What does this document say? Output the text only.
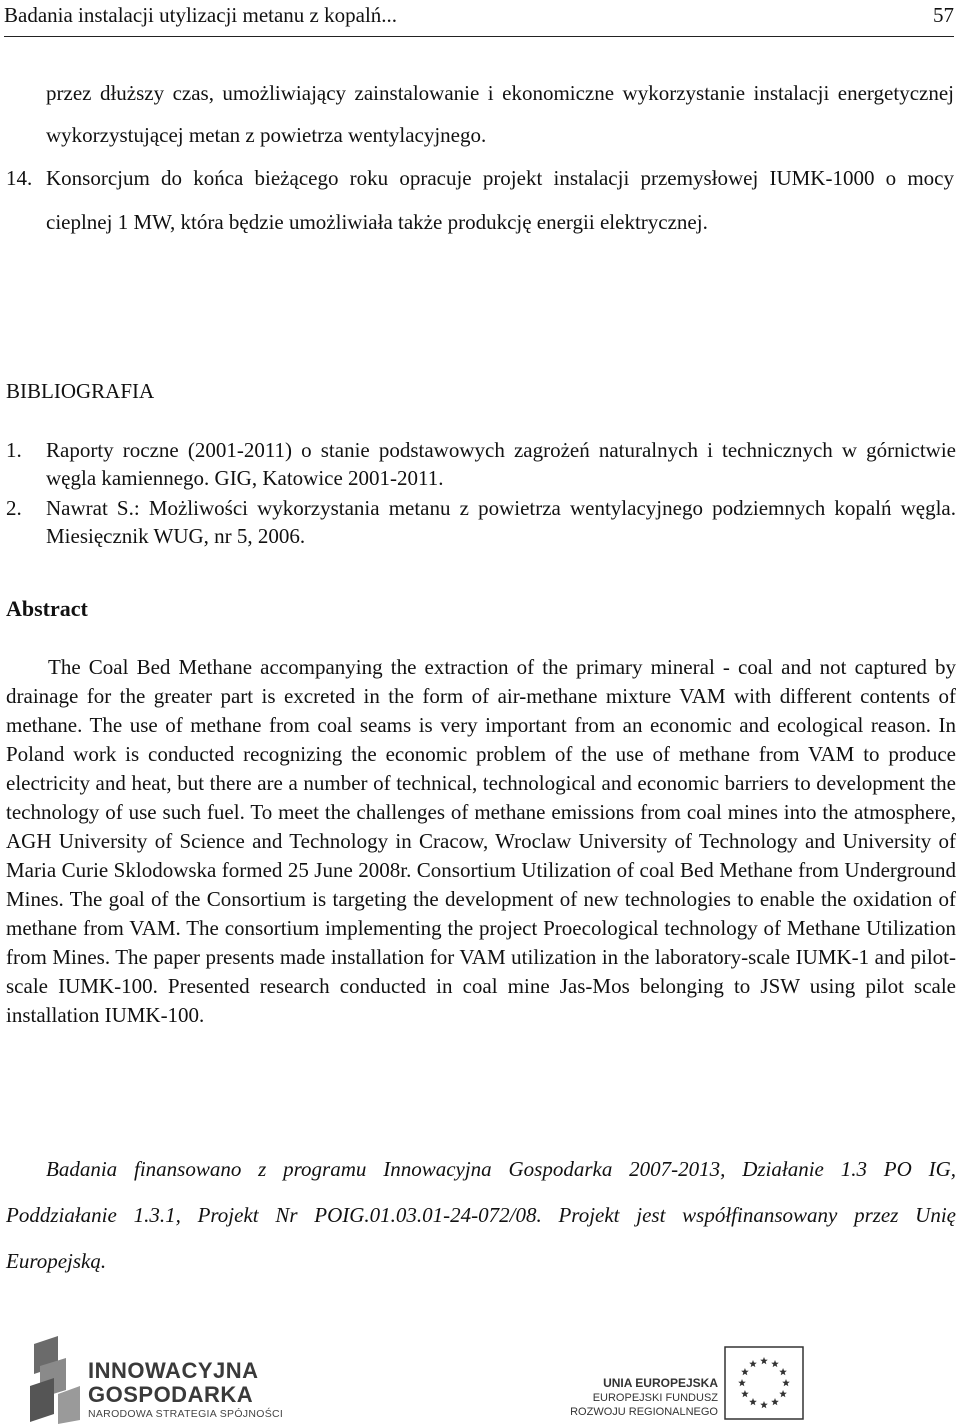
Badania instalacji utylizacji metanu z kopalń...	57
przez dłuższy czas, umożliwiający zainstalowanie i ekonomiczne wykorzystanie instalacji energetycznej wykorzystującej metan z powietrza wentylacyjnego.
14. Konsorcjum do końca bieżącego roku opracuje projekt instalacji przemysłowej IUMK-1000 o mocy cieplnej 1 MW, która będzie umożliwiała także produkcję energii elektrycznej.
BIBLIOGRAFIA
1.	Raporty roczne (2001-2011) o stanie podstawowych zagrożeń naturalnych i technicznych w górnictwie węgla kamiennego. GIG, Katowice 2001-2011.
2.	Nawrat S.: Możliwości wykorzystania metanu z powietrza wentylacyjnego podziemnych kopalń węgla. Miesięcznik WUG, nr 5, 2006.
Abstract
The Coal Bed Methane accompanying the extraction of the primary mineral - coal and not captured by drainage for the greater part is excreted in the form of air-methane mixture VAM with different contents of methane. The use of methane from coal seams is very important from an economic and ecological reason. In Poland work is conducted recognizing the economic problem of the use of methane from VAM to produce electricity and heat, but there are a number of technical, technological and economic barriers to development the technology of use such fuel. To meet the challenges of methane emissions from coal mines into the atmosphere, AGH University of Science and Technology in Cracow, Wroclaw University of Technology and University of Maria Curie Sklodowska formed 25 June 2008r. Consortium Utilization of coal Bed Methane from Underground Mines. The goal of the Consortium is targeting the development of new technologies to enable the oxidation of methane from VAM. The consortium implementing the project Proecological technology of Methane Utilization from Mines. The paper presents made installation for VAM utilization in the laboratory-scale IUMK-1 and pilot-scale IUMK-100. Presented research conducted in coal mine Jas-Mos belonging to JSW using pilot scale installation IUMK-100.
Badania finansowano z programu Innowacyjna Gospodarka 2007-2013, Działanie 1.3 PO IG, Poddziałanie 1.3.1, Projekt Nr POIG.01.03.01-24-072/08. Projekt jest współfinansowany przez Unię Europejską.
INNOWACYJNA
GOSPODARKA
NARODOWA STRATEGIA SPÓJNOŚCI
UNIA EUROPEJSKA
EUROPEJSKI FUNDUSZ
ROZWOJU REGIONALNEGO
